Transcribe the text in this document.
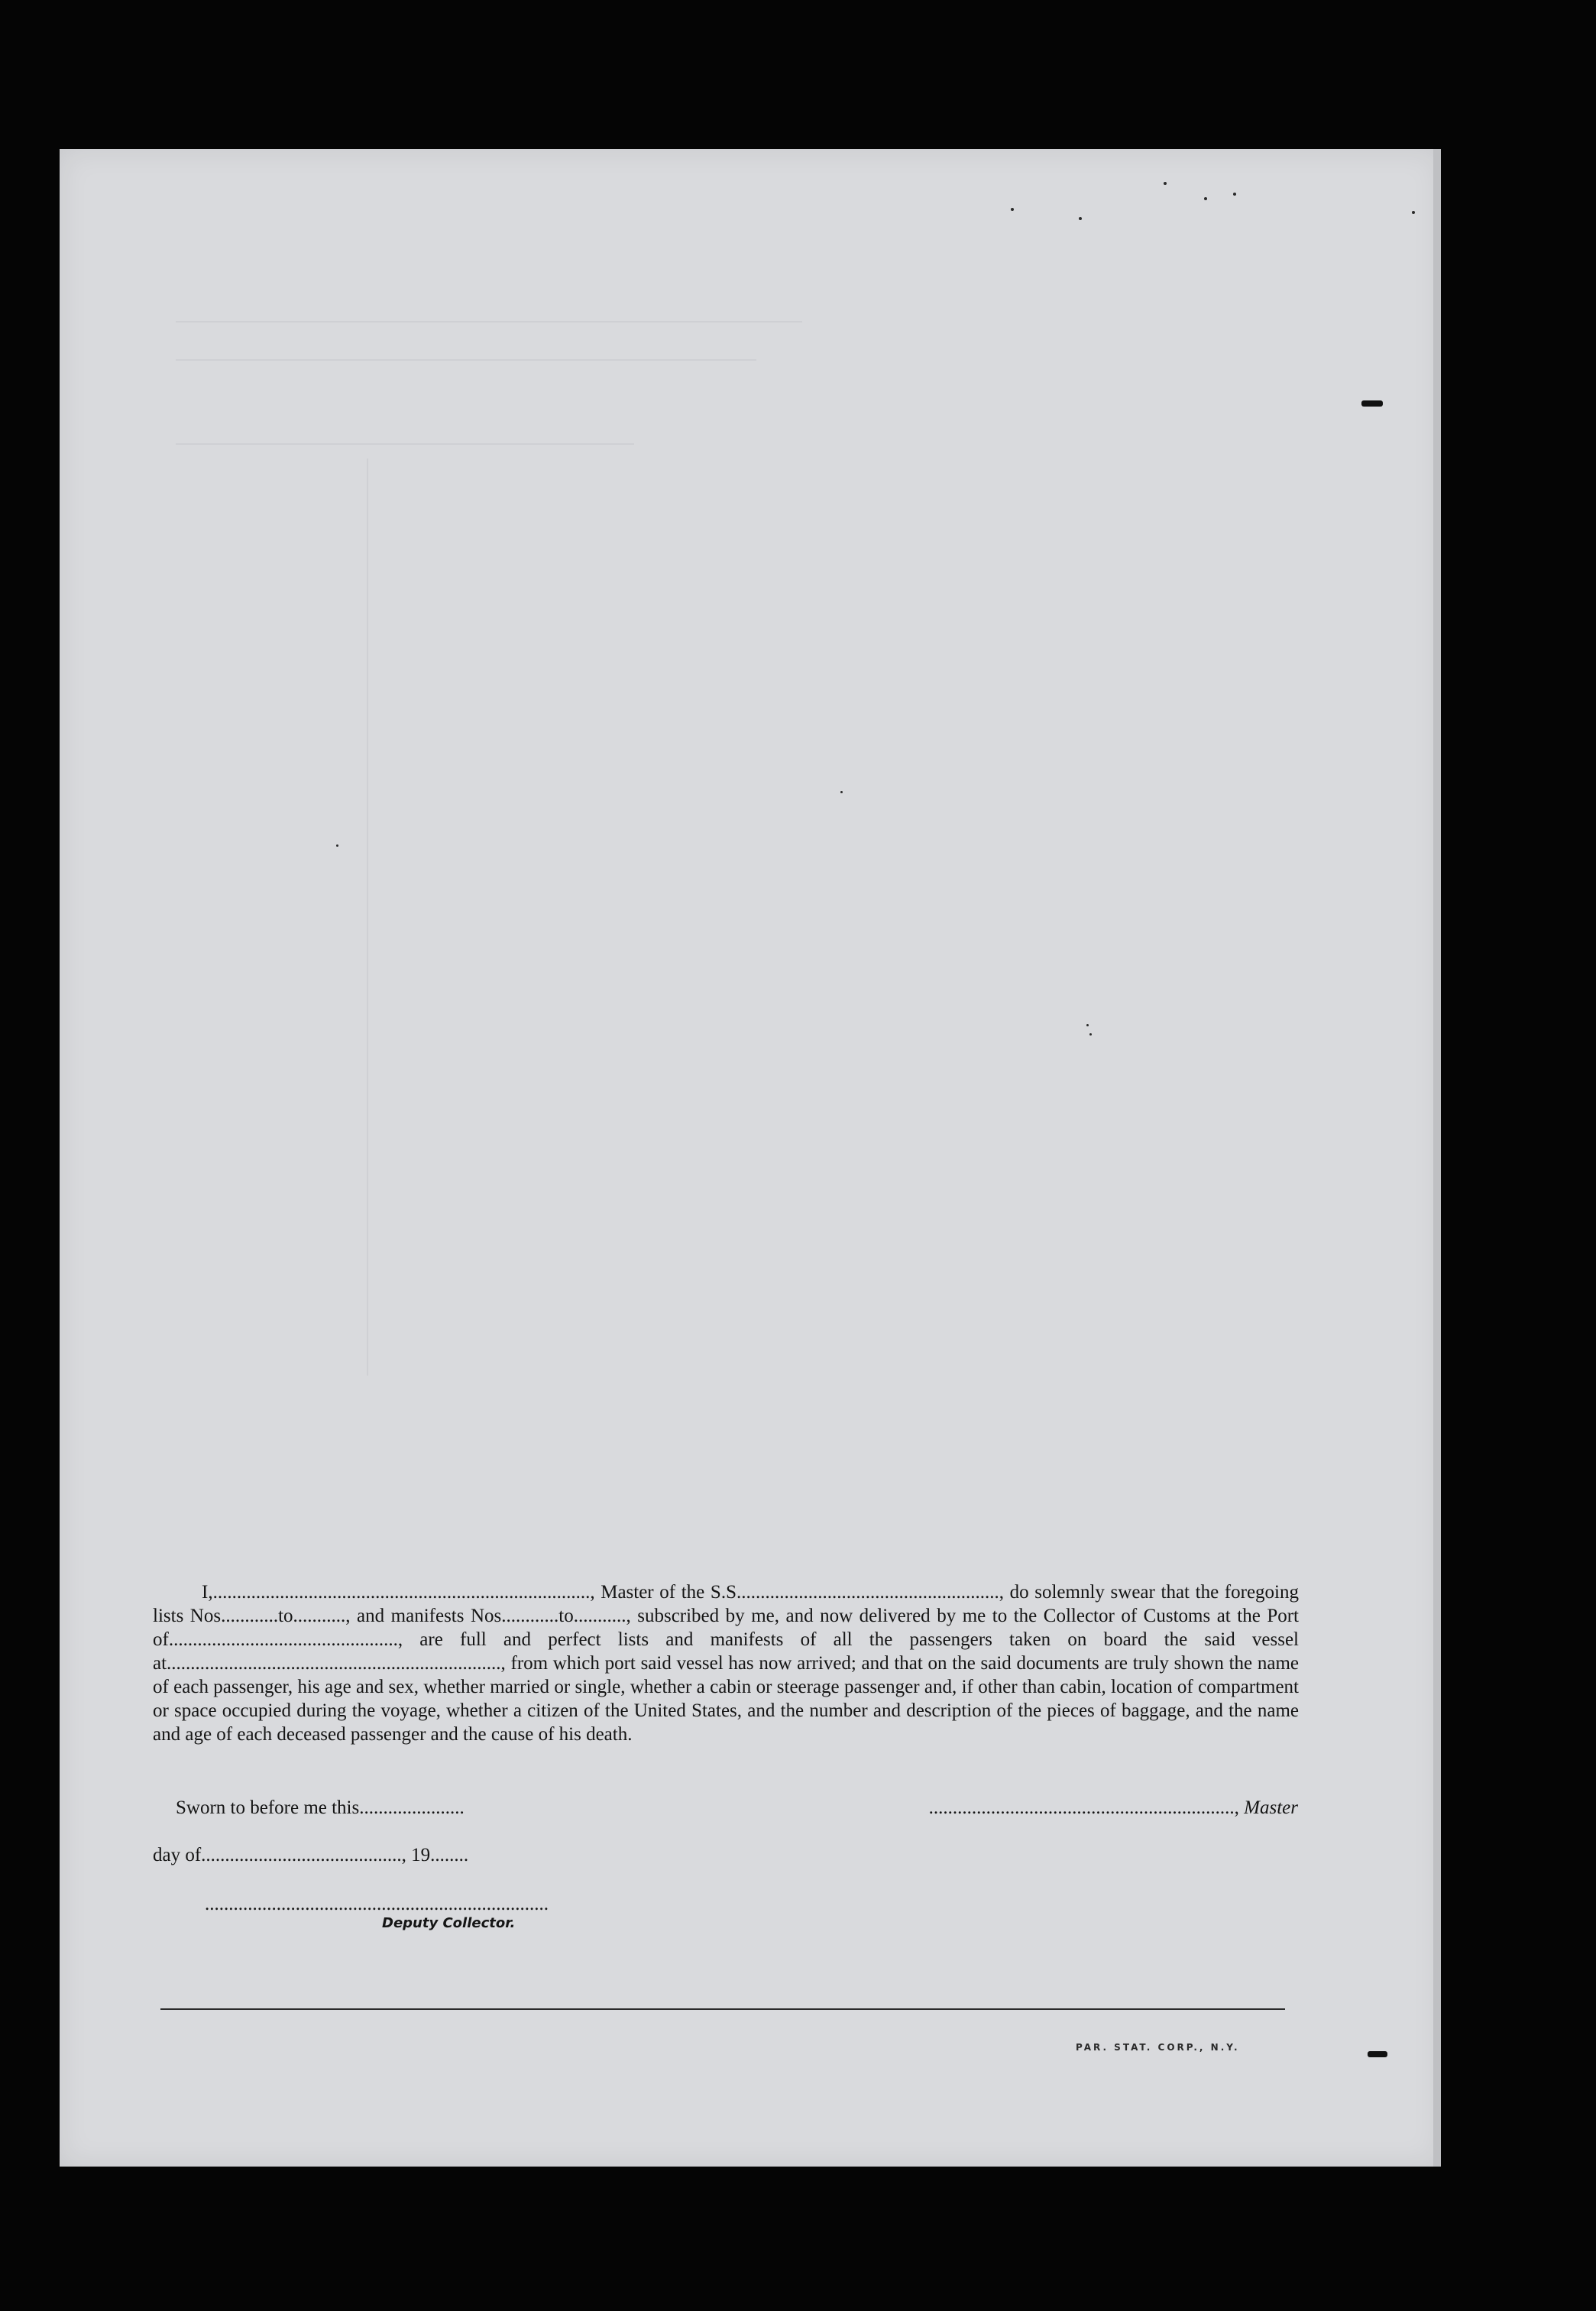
I,..............................................................................., Master of the S.S......................................................., do solemnly swear that the foregoing lists Nos............to..........., and manifests Nos............to..........., subscribed by me, and now delivered by me to the Collector of Customs at the Port of................................................, are full and perfect lists and manifests of all the passengers taken on board the said vessel at......................................................................, from which port said vessel has now arrived; and that on the said documents are truly shown the name of each passenger, his age and sex, whether married or single, whether a cabin or steerage passenger and, if other than cabin, location of compartment or space occupied during the voyage, whether a citizen of the United States, and the number and description of the pieces of baggage, and the name and age of each deceased passenger and the cause of his death.

Sworn to before me this......................	................................................................, Master
day of.........................................., 19........
........................................................................
Deputy Collector.
PAR. STAT. CORP., N.Y.
